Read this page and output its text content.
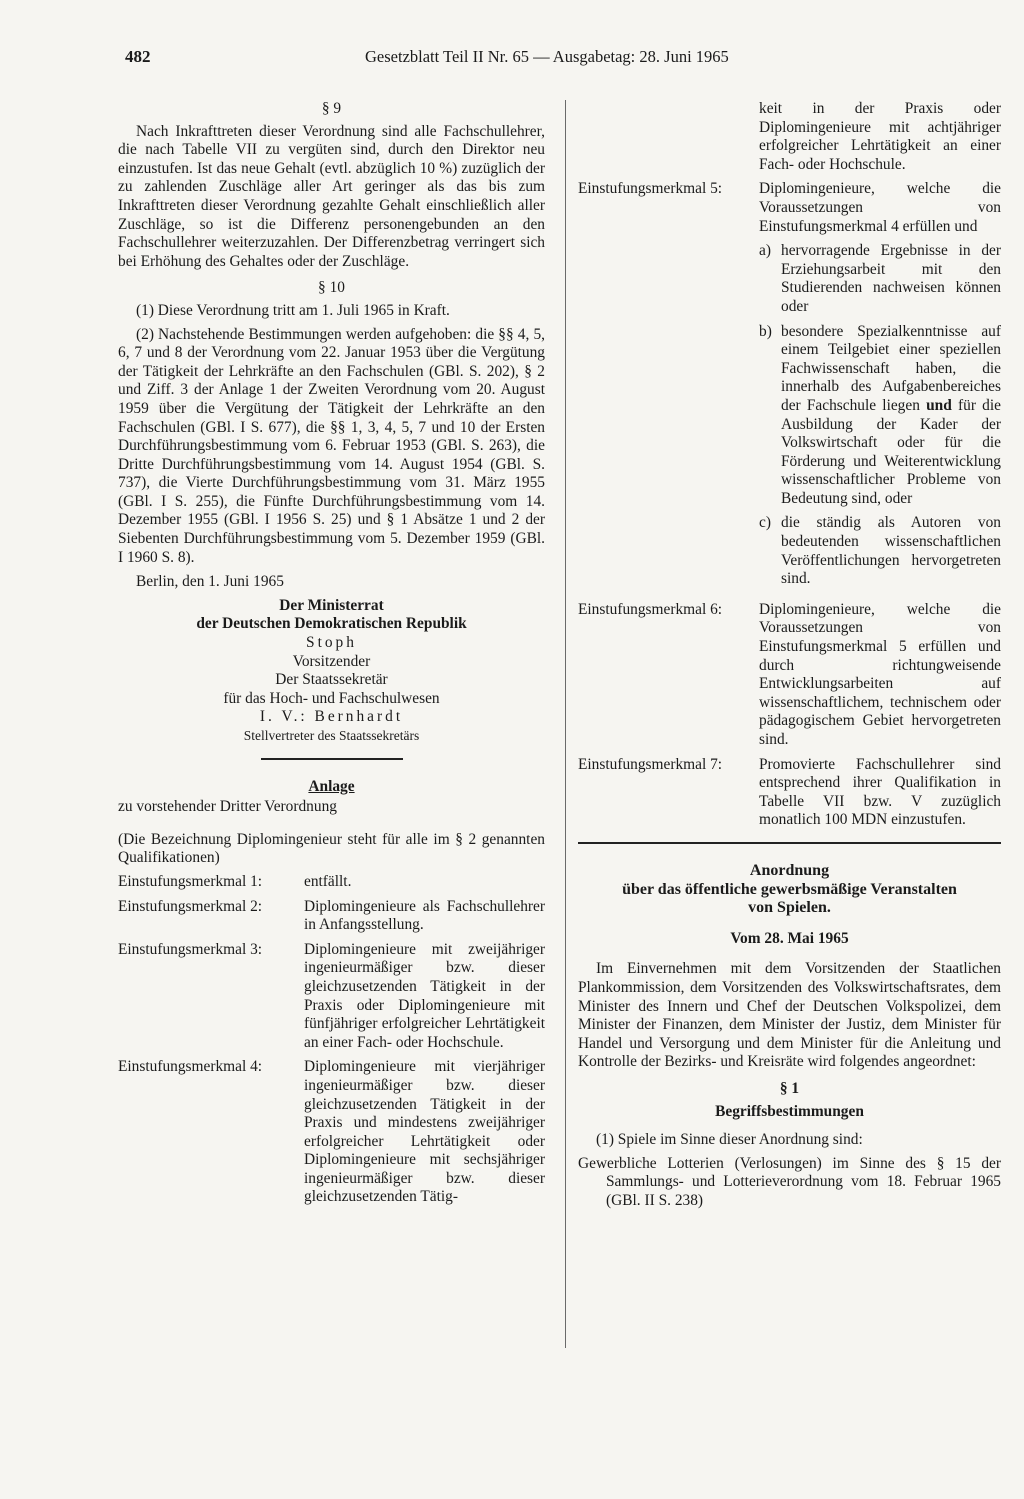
482	Gesetzblatt Teil II Nr. 65 — Ausgabetag: 28. Juni 1965

§ 9

Nach Inkrafttreten dieser Verordnung sind alle Fachschullehrer, die nach Tabelle VII zu vergüten sind, durch den Direktor neu einzustufen. Ist das neue Gehalt (evtl. abzüglich 10 %) zuzüglich der zu zahlenden Zuschläge aller Art geringer als das bis zum Inkrafttreten dieser Verordnung gezahlte Gehalt einschließlich aller Zuschläge, so ist die Differenz personengebunden an den Fachschullehrer weiterzuzahlen. Der Differenzbetrag verringert sich bei Erhöhung des Gehaltes oder der Zuschläge.

§ 10

(1) Diese Verordnung tritt am 1. Juli 1965 in Kraft.

(2) Nachstehende Bestimmungen werden aufgehoben: die §§ 4, 5, 6, 7 und 8 der Verordnung vom 22. Januar 1953 über die Vergütung der Tätigkeit der Lehrkräfte an den Fachschulen (GBl. S. 202), § 2 und Ziff. 3 der Anlage 1 der Zweiten Verordnung vom 20. August 1959 über die Vergütung der Tätigkeit der Lehrkräfte an den Fachschulen (GBl. I S. 677), die §§ 1, 3, 4, 5, 7 und 10 der Ersten Durchführungsbestimmung vom 6. Februar 1953 (GBl. S. 263), die Dritte Durchführungsbestimmung vom 14. August 1954 (GBl. S. 737), die Vierte Durchführungsbestimmung vom 31. März 1955 (GBl. I S. 255), die Fünfte Durchführungsbestimmung vom 14. Dezember 1955 (GBl. I 1956 S. 25) und § 1 Absätze 1 und 2 der Siebenten Durchführungsbestimmung vom 5. Dezember 1959 (GBl. I 1960 S. 8).

Berlin, den 1. Juni 1965

Der Ministerrat
der Deutschen Demokratischen Republik
Stoph
Vorsitzender
Der Staatssekretär
für das Hoch- und Fachschulwesen
I. V.: Bernhardt
Stellvertreter des Staatssekretärs
Anlage

zu vorstehender Dritter Verordnung

(Die Bezeichnung Diplomingenieur steht für alle im § 2 genannten Qualifikationen)

Einstufungsmerkmal 1:	entfällt.
Einstufungsmerkmal 2:	Diplomingenieure als Fachschullehrer in Anfangsstellung.
Einstufungsmerkmal 3:	Diplomingenieure mit zweijähriger ingenieurmäßiger bzw. dieser gleichzusetzenden Tätigkeit in der Praxis oder Diplomingenieure mit fünfjähriger erfolgreicher Lehrtätigkeit an einer Fach- oder Hochschule.
Einstufungsmerkmal 4:	Diplomingenieure mit vierjähriger ingenieurmäßiger bzw. dieser gleichzusetzenden Tätigkeit in der Praxis und mindestens zweijähriger erfolgreicher Lehrtätigkeit oder Diplomingenieure mit sechsjähriger ingenieurmäßiger bzw. dieser gleichzusetzenden Tätig-
keit in der Praxis oder Diplomingenieure mit achtjähriger erfolgreicher Lehrtätigkeit an einer Fach- oder Hochschule.
Einstufungsmerkmal 5:	Diplomingenieure, welche die Voraussetzungen von Einstufungsmerkmal 4 erfüllen und
a) hervorragende Ergebnisse in der Erziehungsarbeit mit den Studierenden nachweisen können oder
b) besondere Spezialkenntnisse auf einem Teilgebiet einer speziellen Fachwissenschaft haben, die innerhalb des Aufgabenbereiches der Fachschule liegen und für die Ausbildung der Kader der Volkswirtschaft oder für die Förderung und Weiterentwicklung wissenschaftlicher Probleme von Bedeutung sind, oder
c) die ständig als Autoren von bedeutenden wissenschaftlichen Veröffentlichungen hervorgetreten sind.
Einstufungsmerkmal 6:	Diplomingenieure, welche die Voraussetzungen von Einstufungsmerkmal 5 erfüllen und durch richtungweisende Entwicklungsarbeiten auf wissenschaftlichem, technischem oder pädagogischem Gebiet hervorgetreten sind.
Einstufungsmerkmal 7:	Promovierte Fachschullehrer sind entsprechend ihrer Qualifikation in Tabelle VII bzw. V zuzüglich monatlich 100 MDN einzustufen.
Anordnung
über das öffentliche gewerbsmäßige Veranstalten
von Spielen.
Vom 28. Mai 1965

Im Einvernehmen mit dem Vorsitzenden der Staatlichen Plankommission, dem Vorsitzenden des Volkswirtschaftsrates, dem Minister des Innern und Chef der Deutschen Volkspolizei, dem Minister der Finanzen, dem Minister der Justiz, dem Minister für Handel und Versorgung und dem Minister für die Anleitung und Kontrolle der Bezirks- und Kreisräte wird folgendes angeordnet:

§ 1

Begriffsbestimmungen

(1) Spiele im Sinne dieser Anordnung sind:

Gewerbliche Lotterien (Verlosungen) im Sinne des § 15 der Sammlungs- und Lotterieverordnung vom 18. Februar 1965 (GBl. II S. 238)
